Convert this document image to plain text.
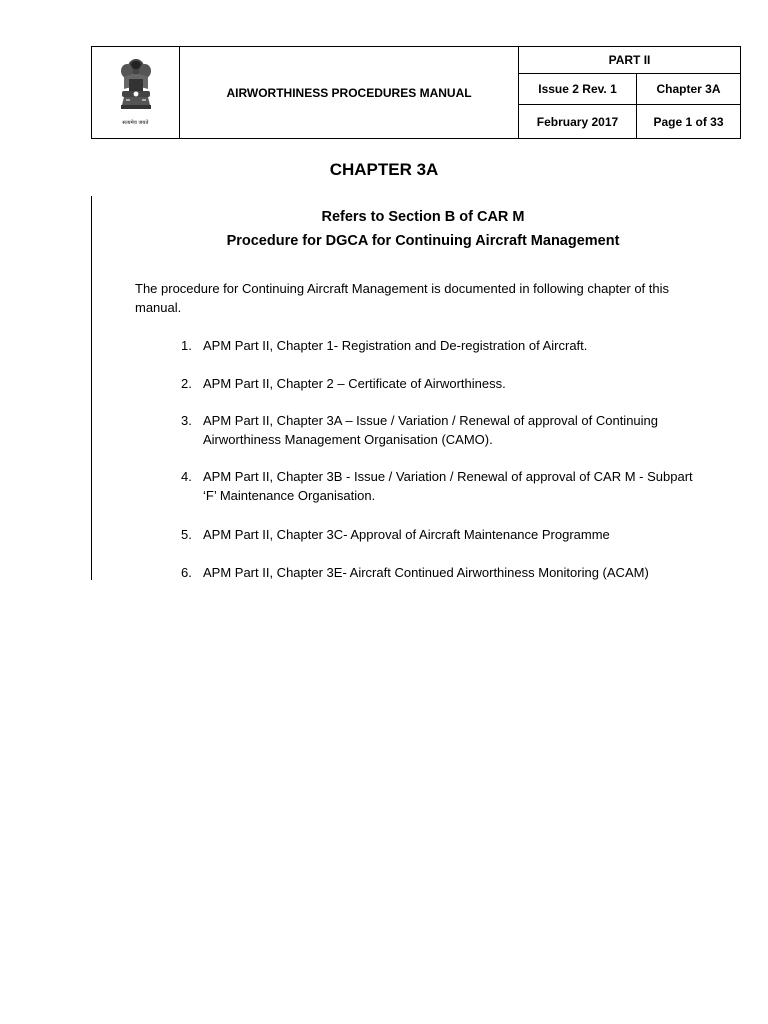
सत्यमेव जयते
AIRWORTHINESS PROCEDURES MANUAL
PART II
Issue 2 Rev. 1	Chapter 3A
February 2017	Page 1 of 33
CHAPTER 3A
Refers to Section B of CAR M
Procedure for DGCA for Continuing Aircraft Management
The procedure for Continuing Aircraft Management is documented in following chapter of this manual.
1. APM Part II, Chapter 1- Registration and De-registration of Aircraft.
2. APM Part II, Chapter 2 – Certificate of Airworthiness.
3. APM Part II, Chapter 3A – Issue / Variation / Renewal of approval of Continuing Airworthiness Management Organisation (CAMO).
4. APM Part II, Chapter 3B - Issue / Variation / Renewal of approval of CAR M - Subpart ‘F’ Maintenance Organisation.
5. APM Part II, Chapter 3C- Approval of Aircraft Maintenance Programme
6. APM Part II, Chapter 3E- Aircraft Continued Airworthiness Monitoring (ACAM)
